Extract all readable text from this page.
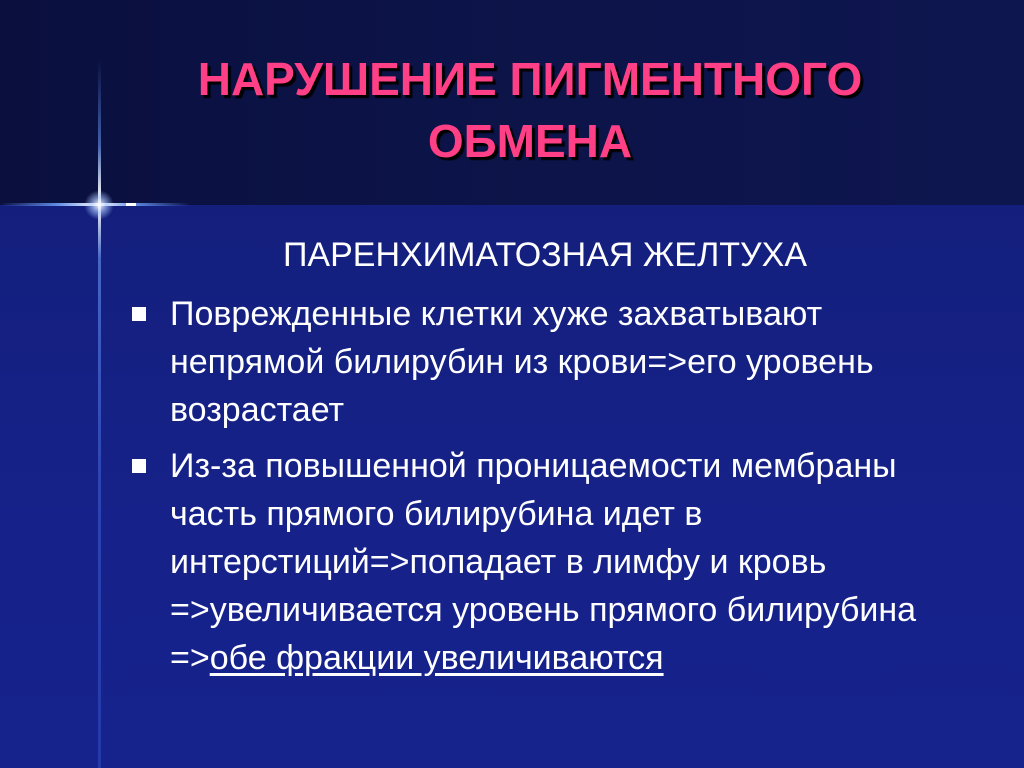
НАРУШЕНИЕ ПИГМЕНТНОГО
ОБМЕНА

ПАРЕНХИМАТОЗНАЯ ЖЕЛТУХА

Поврежденные клетки хуже захватывают непрямой билирубин из крови=>его уровень возрастает
Из-за повышенной проницаемости мембраны часть прямого билирубина идет в интерстиций=>попадает в лимфу и кровь =>увеличивается уровень прямого билирубина =>обе фракции увеличиваются
